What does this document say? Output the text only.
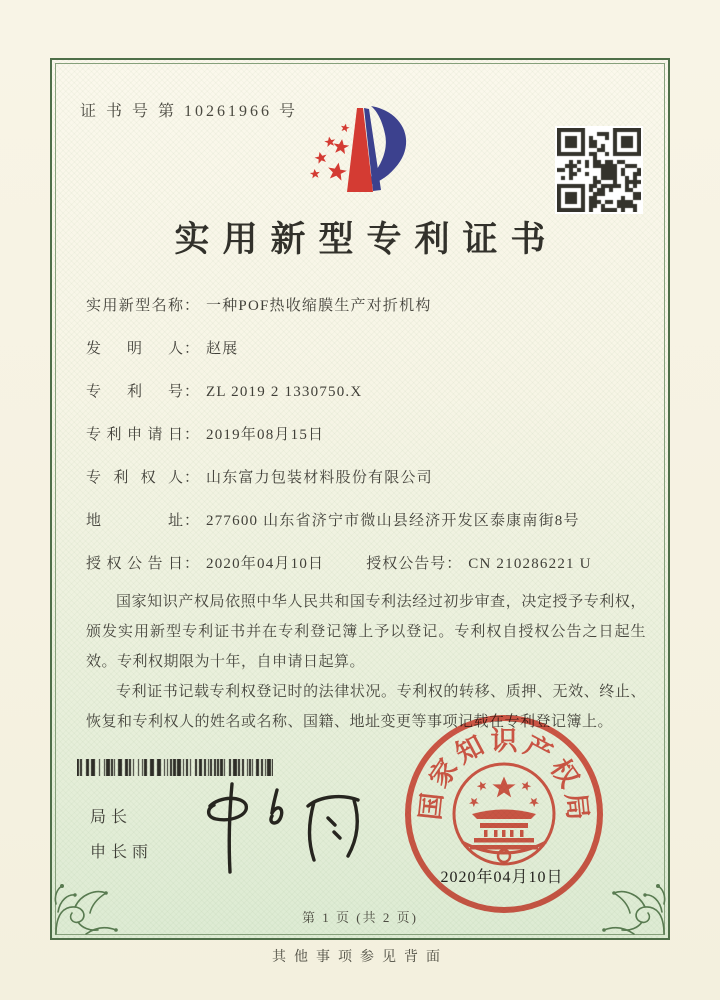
证 书 号 第 10261966 号
实用新型专利证书
实用新型名称： 一种POF热收缩膜生产对折机构
发明人： 赵展
专利号： ZL 2019 2 1330750.X
专利申请日： 2019年08月15日
专利权人： 山东富力包装材料股份有限公司
地址： 277600 山东省济宁市微山县经济开发区泰康南街8号
授权公告日： 2020年04月10日	授权公告号： CN 210286221 U

国家知识产权局依照中华人民共和国专利法经过初步审查，决定授予专利权，颁发实用新型专利证书并在专利登记簿上予以登记。专利权自授权公告之日起生效。专利权期限为十年，自申请日起算。

专利证书记载专利权登记时的法律状况。专利权的转移、质押、无效、终止、恢复和专利权人的姓名或名称、国籍、地址变更等事项记载在专利登记簿上。

局长
申长雨
国
家
知 识 产
权
局
2020年04月10日
第 1 页 (共 2 页)
其他事项参见背面
